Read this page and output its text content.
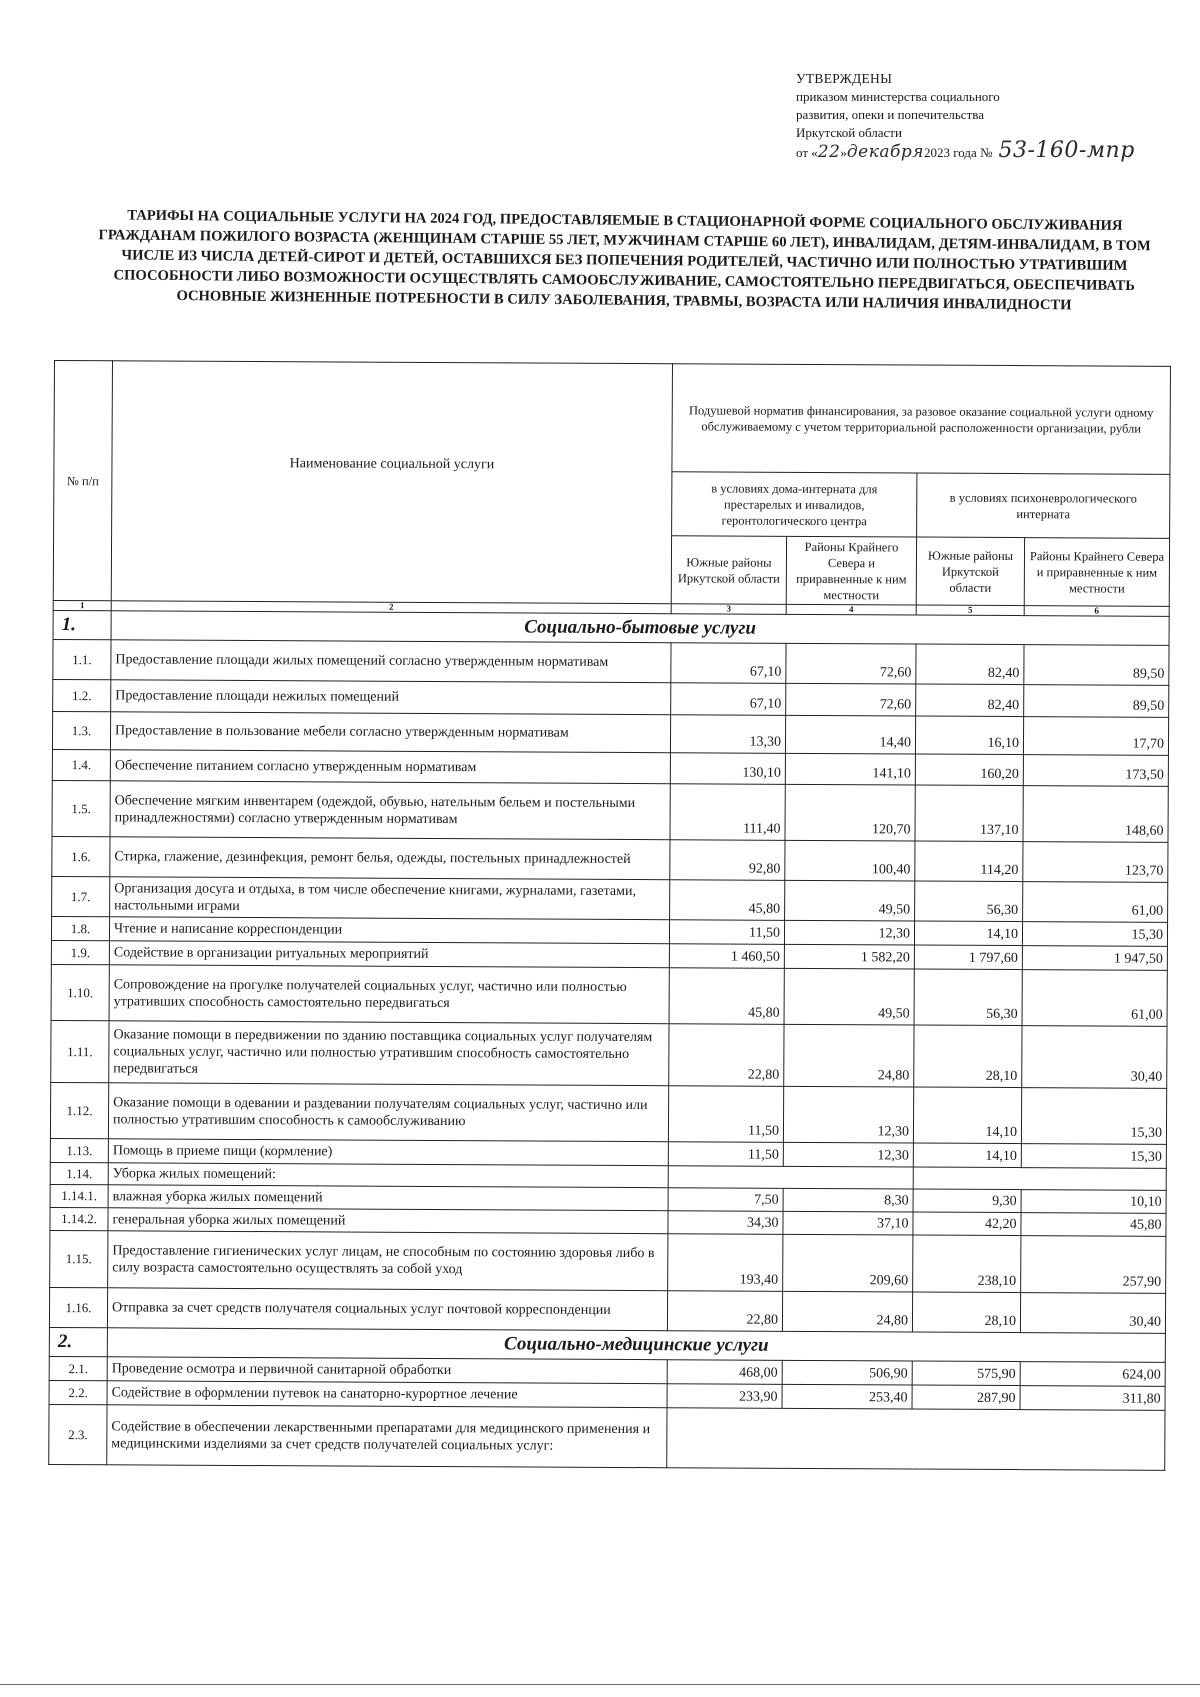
УТВЕРЖДЕНЫ
приказом министерства социального
развития, опеки и попечительства
Иркутской области
от « 22 » декабря 2023 года № 53-160-мпр
ТАРИФЫ НА СОЦИАЛЬНЫЕ УСЛУГИ НА 2024 ГОД, ПРЕДОСТАВЛЯЕМЫЕ В СТАЦИОНАРНОЙ ФОРМЕ СОЦИАЛЬНОГО ОБСЛУЖИВАНИЯ ГРАЖДАНАМ ПОЖИЛОГО ВОЗРАСТА (ЖЕНЩИНАМ СТАРШЕ 55 ЛЕТ, МУЖЧИНАМ СТАРШЕ 60 ЛЕТ), ИНВАЛИДАМ, ДЕТЯМ-ИНВАЛИДАМ, В ТОМ ЧИСЛЕ ИЗ ЧИСЛА ДЕТЕЙ-СИРОТ И ДЕТЕЙ, ОСТАВШИХСЯ БЕЗ ПОПЕЧЕНИЯ РОДИТЕЛЕЙ, ЧАСТИЧНО ИЛИ ПОЛНОСТЬЮ УТРАТИВШИМ СПОСОБНОСТИ ЛИБО ВОЗМОЖНОСТИ ОСУЩЕСТВЛЯТЬ САМООБСЛУЖИВАНИЕ, САМОСТОЯТЕЛЬНО ПЕРЕДВИГАТЬСЯ, ОБЕСПЕЧИВАТЬ ОСНОВНЫЕ ЖИЗНЕННЫЕ ПОТРЕБНОСТИ В СИЛУ ЗАБОЛЕВАНИЯ, ТРАВМЫ, ВОЗРАСТА ИЛИ НАЛИЧИЯ ИНВАЛИДНОСТИ
№ п/п	Наименование социальной услуги	Подушевой норматив финансирования, за разовое оказание социальной услуги одному обслуживаемому с учетом территориальной расположенности организации, рубли			
		в условиях дома-интерната для престарелых и инвалидов, геронтологического центра		в условиях психоневрологического интерната	
		Южные районы Иркутской области	Районы Крайнего Севера и приравненные к ним местности	Южные районы Иркутской области	Районы Крайнего Севера и приравненные к ним местности
1	2	3	4	5	6
1.	Социально-бытовые услуги				
1.1.	Предоставление площади жилых помещений согласно утвержденным нормативам	67,10	72,60	82,40	89,50
1.2.	Предоставление площади нежилых помещений	67,10	72,60	82,40	89,50
1.3.	Предоставление в пользование мебели согласно утвержденным нормативам	13,30	14,40	16,10	17,70
1.4.	Обеспечение питанием согласно утвержденным нормативам	130,10	141,10	160,20	173,50
1.5.	Обеспечение мягким инвентарем (одеждой, обувью, нательным бельем и постельными принадлежностями) согласно утвержденным нормативам	111,40	120,70	137,10	148,60
1.6.	Стирка, глажение, дезинфекция, ремонт белья, одежды, постельных принадлежностей	92,80	100,40	114,20	123,70
1.7.	Организация досуга и отдыха, в том числе обеспечение книгами, журналами, газетами, настольными играми	45,80	49,50	56,30	61,00
1.8.	Чтение и написание корреспонденции	11,50	12,30	14,10	15,30
1.9.	Содействие в организации ритуальных мероприятий	1 460,50	1 582,20	1 797,60	1 947,50
1.10.	Сопровождение на прогулке получателей социальных услуг, частично или полностью утративших способность самостоятельно передвигаться	45,80	49,50	56,30	61,00
1.11.	Оказание помощи в передвижении по зданию поставщика социальных услуг получателям социальных услуг, частично или полностью утратившим способность самостоятельно передвигаться	22,80	24,80	28,10	30,40
1.12.	Оказание помощи в одевании и раздевании получателям социальных услуг, частично или полностью утратившим способность к самообслуживанию	11,50	12,30	14,10	15,30
1.13.	Помощь в приеме пищи (кормление)	11,50	12,30	14,10	15,30
1.14.	Уборка жилых помещений:				
1.14.1.	влажная уборка жилых помещений	7,50	8,30	9,30	10,10
1.14.2.	генеральная уборка жилых помещений	34,30	37,10	42,20	45,80
1.15.	Предоставление гигиенических услуг лицам, не способным по состоянию здоровья либо в силу возраста самостоятельно осуществлять за собой уход	193,40	209,60	238,10	257,90
1.16.	Отправка за счет средств получателя социальных услуг почтовой корреспонденции	22,80	24,80	28,10	30,40
2.	Социально-медицинские услуги				
2.1.	Проведение осмотра и первичной санитарной обработки	468,00	506,90	575,90	624,00
2.2.	Содействие в оформлении путевок на санаторно-курортное лечение	233,90	253,40	287,90	311,80
2.3.	Содействие в обеспечении лекарственными препаратами для медицинского применения и медицинскими изделиями за счет средств получателей социальных услуг:				
